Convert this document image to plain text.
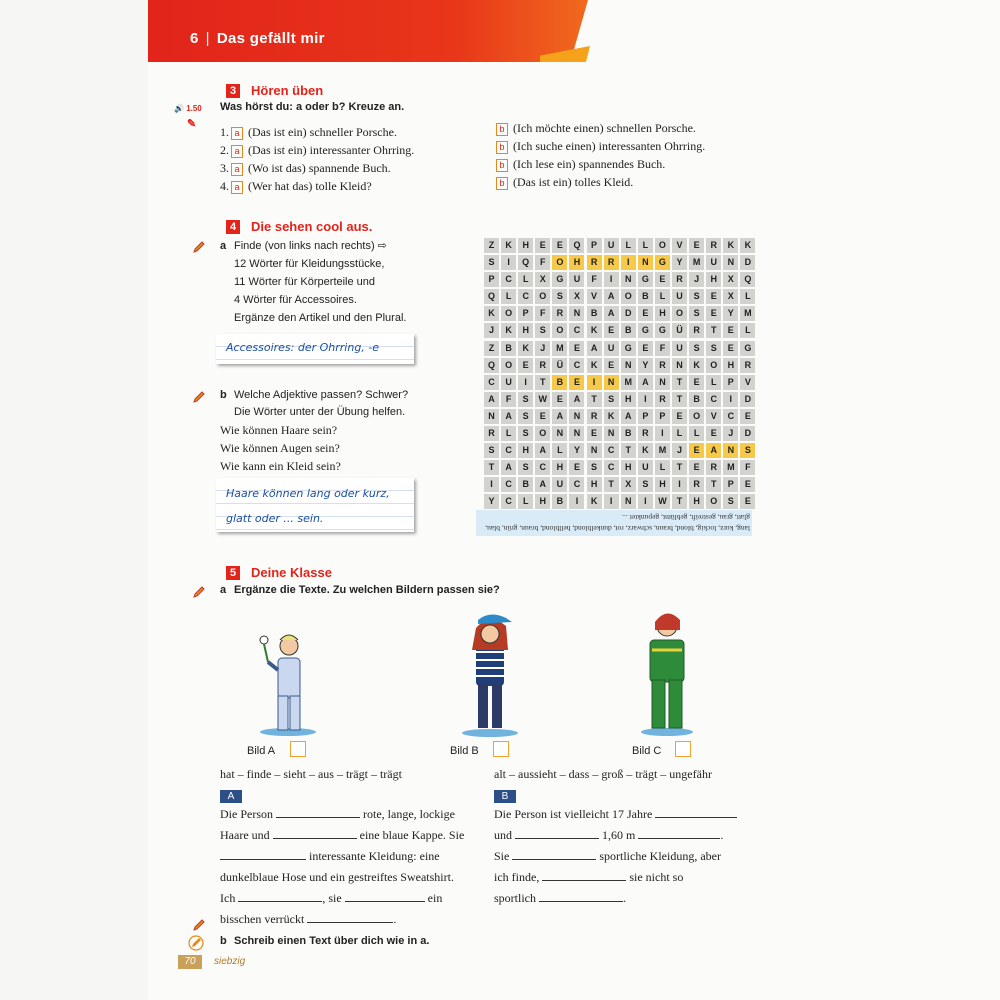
6 | Das gefällt mir
3	Hören üben
🔊 1.50
✎
Was hörst du: a oder b? Kreuze an.
1. a (Das ist ein) schneller Porsche.
2. a (Das ist ein) interessanter Ohrring.
3. a (Wo ist das) spannende Buch.
4. a (Wer hat das) tolle Kleid?
b (Ich möchte einen) schnellen Porsche.
b (Ich suche einen) interessanten Ohrring.
b (Ich lese ein) spannendes Buch.
b (Das ist ein) tolles Kleid.
4	Die sehen cool aus.
a Finde (von links nach rechts) ⇨
12 Wörter für Kleidungsstücke,
11 Wörter für Körperteile und
4 Wörter für Accessoires.
Ergänze den Artikel und den Plural.
Accessoires: der Ohrring, -e
b Welche Adjektive passen? Schwer?
Die Wörter unter der Übung helfen.
Wie können Haare sein?
Wie können Augen sein?
Wie kann ein Kleid sein?
Haare können lang oder kurz,
glatt oder ... sein.
Z	K	H	E	E	Q	P	U	L	L	O	V	E	R	K	K
S	I	Q	F	O	H	R	R	I	N	G	Y	M	U	N	D
P	C	L	X	G	U	F	I	N	G	E	R	J	H	X	Q
Q	L	C	O	S	X	V	A	O	B	L	U	S	E	X	L
K	O	P	F	R	N	B	A	D	E	H	O	S	E	Y	M
J	K	H	S	O	C	K	E	B	G	G	Ü	R	T	E	L
Z	B	K	J	M	E	A	U	G	E	F	U	S	S	E	G
Q	O	E	R	Ü	C	K	E	N	Y	R	N	K	O	H	R
C	U	I	T	B	E	I	N	M	A	N	T	E	L	P	V
A	F	S	W	E	A	T	S	H	I	R	T	B	C	I	D
N	A	S	E	A	N	R	K	A	P	P	E	O	V	C	E
R	L	S	O	N	N	E	N	B	R	I	L	L	E	J	D
S	C	H	A	L	Y	N	C	T	K	M	J	E	A	N	S
T	A	S	C	H	E	S	C	H	U	L	T	E	R	M	F
I	C	B	A	U	C	H	T	X	S	H	I	R	T	P	E
Y	C	L	H	B	I	K	I	N	I	W	T	H	O	S	E
lang, kurz, lockig, blond, braun, schwarz, rot, dunkelblond, hellblond, braun, grün, blau, glatt, grau, gestreift, geblümt, gepunktet ...
5	Deine Klasse
a Ergänze die Texte. Zu welchen Bildern passen sie?
Bild A	Bild B	Bild C
hat – finde – sieht – aus – trägt – trägt	alt – aussieht – dass – groß – trägt – ungefähr
A	B
Die Person	rote, lange, lockige
Haare und	eine blaue Kappe. Sie
interessante Kleidung: eine
dunkelblaue Hose und ein gestreiftes Sweatshirt.
Ich	, sie	ein
bisschen verrückt	.
Die Person ist vielleicht 17 Jahre
und	1,60 m	.
Sie	sportliche Kleidung, aber
ich finde,	sie nicht so
sportlich	.
b Schreib einen Text über dich wie in a.
70	siebzig
